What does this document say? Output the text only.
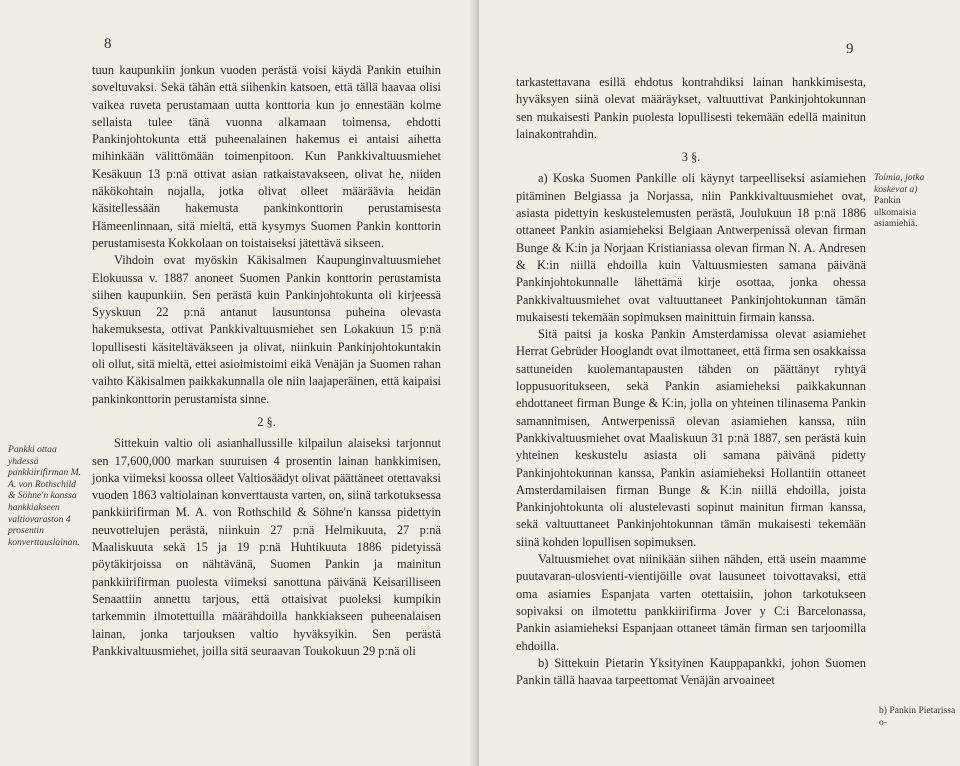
8

tuun kaupunkiin jonkun vuoden perästä voisi käydä Pankin etuihin soveltuvaksi. Sekä tähän että siihenkin katsoen, että tällä haavaa olisi vaikea ruveta perustamaan uutta konttoria kun jo ennestään kolme sellaista tulee tänä vuonna alkamaan toimensa, ehdotti Pankinjohtokunta että puheenalainen hakemus ei antaisi aihetta mihinkään välittömään toimenpitoon. Kun Pankkivaltuusmiehet Kesäkuun 13 p:nä ottivat asian ratkaistavakseen, olivat he, niiden näkökohtain nojalla, jotka olivat olleet määräävia heidän käsitellessään hakemusta pankinkonttorin perustamisesta Hämeenlinnaan, sitä mieltä, että kysymys Suomen Pankin konttorin perustamisesta Kokkolaan on toistaiseksi jätettävä sikseen.

Vihdoin ovat myöskin Käkisalmen Kaupunginvaltuusmiehet Elokuussa v. 1887 anoneet Suomen Pankin konttorin perustamista siihen kaupunkiin. Sen perästä kuin Pankinjohtokunta oli kirjeessä Syyskuun 22 p:nä antanut lausuntonsa puheina olevasta hakemuksesta, ottivat Pankkivaltuusmiehet sen Lokakuun 15 p:nä lopullisesti käsiteltäväkseen ja olivat, niinkuin Pankinjohtokuntakin oli ollut, sitä mieltä, ettei asioimistoimi eikä Venäjän ja Suomen rahan vaihto Käkisalmen paikkakunnalla ole niin laajaperäinen, että kaipaisi pankinkonttorin perustamista sinne.

2 §.

Sittekuin valtio oli asianhallussille kilpailun alaiseksi tarjonnut sen 17,600,000 markan suuruisen 4 prosentin lainan hankkimisen, jonka viimeksi koossa olleet Valtiosäädyt olivat päättäneet otettavaksi vuoden 1863 valtiolainan konverttausta varten, on, siinä tarkotuksessa pankkiirifirman M. A. von Rothschild & Söhne'n kanssa pidettyin neuvottelujen perästä, niinkuin 27 p:nä Helmikuuta, 27 p:nä Maaliskuuta sekä 15 ja 19 p:nä Huhtikuuta 1886 pidetyissä pöytäkirjoissa on nähtävänä, Suomen Pankin ja mainitun pankkiirifirman puolesta viimeksi sanottuna päivänä Keisarilliseen Senaattiin annettu tarjous, että ottaisivat puoleksi kumpikin tarkemmin ilmotettuilla määrähdoilla hankkiakseen puheenalaisen lainan, jonka tarjouksen valtio hyväksyikin. Sen perästä Pankkivaltuusmiehet, joilla sitä seuraavan Toukokuun 29 p:nä oli

Pankki ottaa yhdessä pankkiirifirman M. A. von Rothschild & Söhne'n kanssa hankkiakseen valtiovaraston 4 prosentin konverttauslainan.
9

tarkastettavana esillä ehdotus kontrahdiksi lainan hankkimisesta, hyväksyen siinä olevat määräykset, valtuuttivat Pankinjohtokunnan sen mukaisesti Pankin puolesta lopullisesti tekemään edellä mainitun lainakontrahdin.

3 §.

a) Koska Suomen Pankille oli käynyt tarpeelliseksi asiamiehen pitäminen Belgiassa ja Norjassa, niin Pankkivaltuusmiehet ovat, asiasta pidettyin keskustelemusten perästä, Joulukuun 18 p:nä 1886 ottaneet Pankin asiamieheksi Belgiaan Antwerpenissä olevan firman Bunge & K:in ja Norjaan Kristianiassa olevan firman N. A. Andresen & K:in niillä ehdoilla kuin Valtuusmiesten samana päivänä Pankinjohtokunnalle lähettämä kirje osottaa, jonka ohessa Pankkivaltuusmiehet ovat valtuuttaneet Pankinjohtokunnan tämän mukaisesti tekemään sopimuksen mainittuin firmain kanssa.

Sitä paitsi ja koska Pankin Amsterdamissa olevat asiamiehet Herrat Gebrüder Hooglandt ovat ilmottaneet, että firma sen osakkaissa sattuneiden kuolemantapausten tähden on päättänyt ryhtyä loppusuoritukseen, sekä Pankin asiamieheksi paikkakunnan ehdottaneet firman Bunge & K:in, jolla on yhteinen tilinasema Pankin samannimisen, Antwerpenissä olevan asiamiehen kanssa, niin Pankkivaltuusmiehet ovat Maaliskuun 31 p:nä 1887, sen perästä kuin yhteinen keskustelu asiasta oli samana päivänä pidetty Pankinjohtokunnan kanssa, Pankin asiamieheksi Hollantiin ottaneet Amsterdamilaisen firman Bunge & K:in niillä ehdoilla, joista Pankinjohtokunta oli alustelevasti sopinut mainitun firman kanssa, sekä valtuuttaneet Pankinjohtokunnan tämän mukaisesti tekemään siinä kohden lopullisen sopimuksen.

Valtuusmiehet ovat niinikään siihen nähden, että usein maamme puutavaran-ulosvienti-vientijöille ovat lausuneet toivottavaksi, että oma asiamies Espanjata varten otettaisiin, johon tarkotukseen sopivaksi on ilmotettu pankkiirifirma Jover y C:i Barcelonassa, Pankin asiamieheksi Espanjaan ottaneet tämän firman sen tarjoomilla ehdoilla.

b) Sittekuin Pietarin Yksityinen Kauppapankki, johon Suomen Pankin tällä haavaa tarpeettomat Venäjän arvoaineet

Toimia, jotka koskevat a) Pankin ulkomaisia asiamiehiä.
b) Pankin Pietarissa o-
